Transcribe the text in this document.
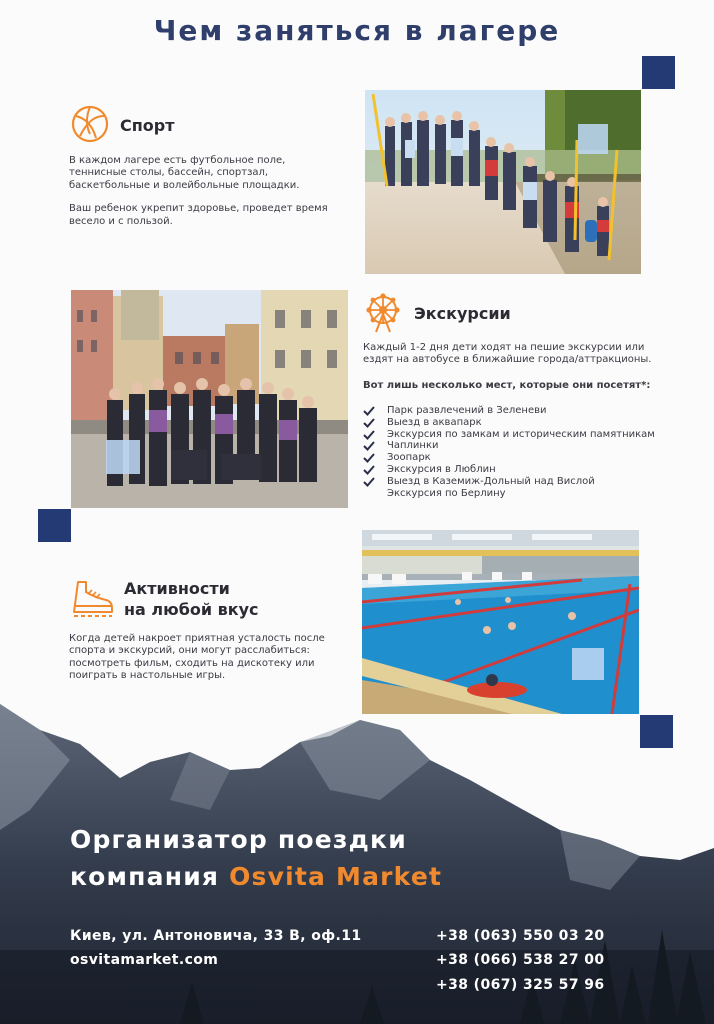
Чем заняться в лагере
Спорт
В каждом лагере есть футбольное поле,
теннисные столы, бассейн, спортзал,
баскетбольные и волейбольные площадки.
Ваш ребенок укрепит здоровье, проведет время
весело и с пользой.
Экскурсии
Каждый 1-2 дня дети ходят на пешие экскурсии или
ездят на автобусе в ближайшие города/аттракционы.
Вот лишь несколько мест, которые они посетят*:
Парк развлечений в Зеленеви
Выезд в аквапарк
Экскурсия по замкам и историческим памятникам
Чаплинки
Зоопарк
Экскурсия в Люблин
Выезд в Каземиж-Дольный над Вислой
Экскурсия по Берлину
Активности
на любой вкус
Когда детей накроет приятная усталость после
спорта и экскурсий, они могут расслабиться:
посмотреть фильм, сходить на дискотеку или
поиграть в настольные игры.
Организатор поездки
компания Osvita Market
Киев, ул. Антоновича, 33 В, оф.11
osvitamarket.com
+38 (063) 550 03 20
+38 (066) 538 27 00
+38 (067) 325 57 96
